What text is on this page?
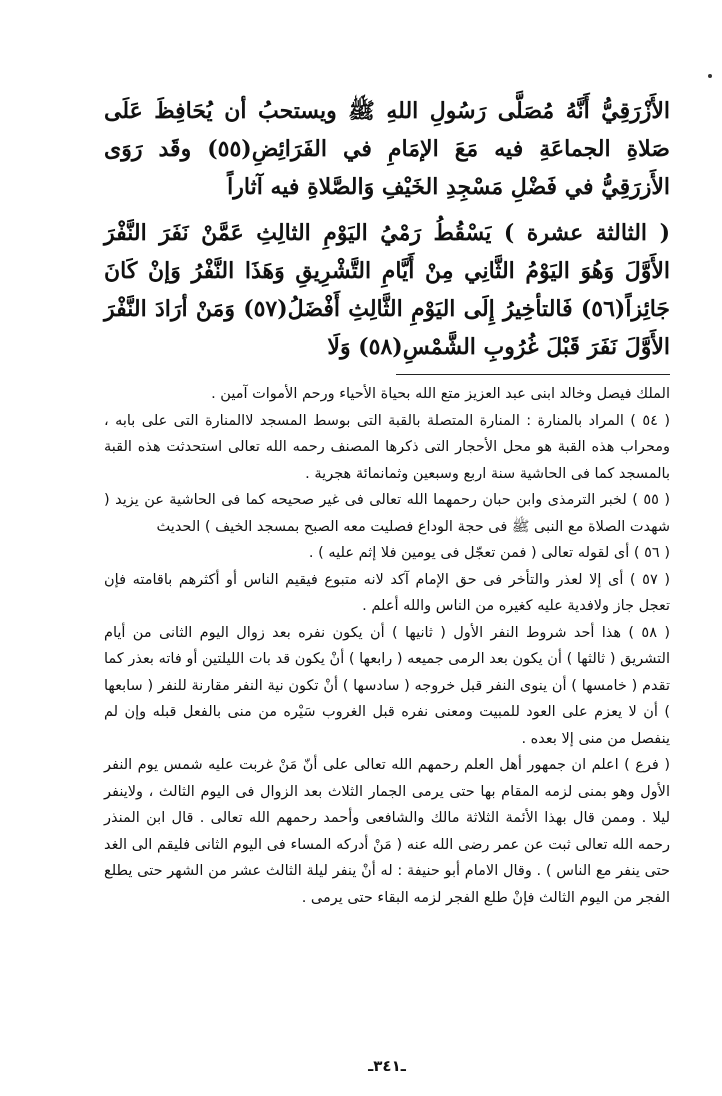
الأَزْرَقِيُّ أَنَّهُ مُصَلَّى رَسُولِ اللهِ ﷺ ويستحبُ أن يُحَافِظَ عَلَى صَلاةِ الجماعَةِ فيه مَعَ الإمَامِ في الفَرَائِضِ(٥٥) وقَد رَوَى الأَزرَقِيُّ في فَضْلِ مَسْجِدِ الخَيْفِ وَالصَّلاةِ فيه آثاراً

( الثالثة عشرة ) يَسْقُطُ رَمْيُ اليَوْمِ الثالِثِ عَمَّنْ نَفَرَ النَّفْرَ الأَوَّلَ وَهُوَ اليَوْمُ الثَّانِي مِنْ أَيَّامِ التَّشْرِيقِ وَهَذَا النَّفْرُ وَإنْ كَانَ جَائِزاً(٥٦) فَالتأخِيرُ إِلَى اليَوْمِ الثَّالِثِ أَفْضَلُ(٥٧) وَمَنْ أرَادَ النَّفْرَ الأَوَّلَ نَفَرَ قَبْلَ غُرُوبِ الشَّمْسِ(٥٨) وَلَا

الملك فيصل وخالد ابنى عبد العزيز متع الله بحياة الأحياء ورحم الأموات آمين .

( ٥٤ ) المراد بالمنارة : المنارة المتصلة بالقبة التى بوسط المسجد لاالمنارة التى على بابه ، ومحراب هذه القبة هو محل الأحجار التى ذكرها المصنف رحمه الله تعالى استحدثت هذه القبة بالمسجد كما فى الحاشية سنة اربع وسبعين وثمانمائة هجرية .

( ٥٥ ) لخبر الترمذى وابن حبان رحمهما الله تعالى فى غير صحيحه كما فى الحاشية عن يزيد ( شهدت الصلاة مع النبى ﷺ فى حجة الوداع فصليت معه الصبح بمسجد الخيف ) الحديث

( ٥٦ ) أى لقوله تعالى ( فمن تعجّل فى يومين فلا إثم عليه ) .

( ٥٧ ) أى إلا لعذر والتأخر فى حق الإمام آكد لانه متبوع فيقيم الناس أو أكثرهم باقامته فإن تعجل جاز ولافدية عليه كغيره من الناس والله أعلم .

( ٥٨ ) هذا أحد شروط النفر الأول ( ثانيها ) أن يكون نفره بعد زوال اليوم الثانى من أيام التشريق ( ثالثها ) أن يكون بعد الرمى جميعه ( رابعها ) أنْ يكون قد بات الليلتين أو فاته بعذر كما تقدم ( خامسها ) أن ينوى النفر قبل خروجه ( سادسها ) أنْ تكون نية النفر مقارنة للنفر ( سابعها ) أن لا يعزم على العود للمبيت ومعنى نفره قبل الغروب سَيْره من منى بالفعل قبله وإن لم ينفصل من منى إلا بعده .

( فرع ) اعلم ان جمهور أهل العلم رحمهم الله تعالى على أنّ مَنْ غربت عليه شمس يوم النفر الأول وهو بمنى لزمه المقام بها حتى يرمى الجمار الثلاث بعد الزوال فى اليوم الثالث ، ولاينفر ليلا . وممن قال بهذا الأئمة الثلاثة مالك والشافعى وأحمد رحمهم الله تعالى . قال ابن المنذر رحمه الله تعالى ثبت عن عمر رضى الله عنه ( مَنْ أدركه المساء فى اليوم الثانى فليقم الى الغد حتى ينفر مع الناس ) . وقال الامام أبو حنيفة : له أنْ ينفر ليلة الثالث عشر من الشهر حتى يطلع الفجر من اليوم الثالث فإنْ طلع الفجر لزمه البقاء حتى يرمى .

ـ٣٤١ـ
